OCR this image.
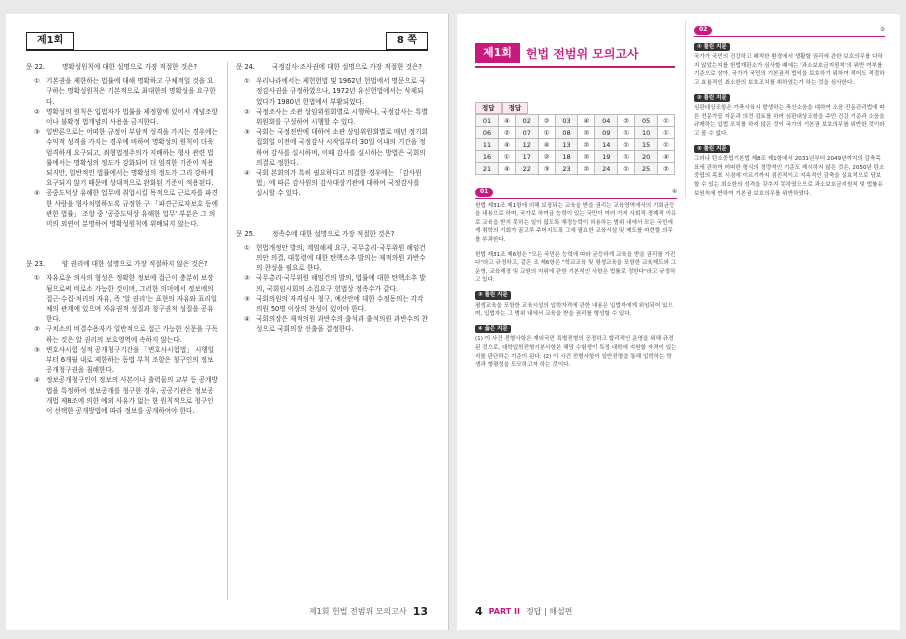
제1회	8 쪽
문 22.	명확성원칙에 대한 설명으로 가장 적절한 것은?
① 기본권을 제한하는 법률에 대해 명확하고 구체적일 것을 요구하는 명확성원칙은 기본적으로 최대한의 명확성을 요구한다.
② 명확성의 원칙은 입법자가 법률을 제정함에 있어서 개념조항이나 불확정 법개념의 사용을 금지한다.
③ 일반론으로는 어떠한 규정이 부담적 성격을 가지는 경우에는 수익적 성격을 가지는 경우에 비하여 명확성의 원칙이 더욱 엄격하게 요구되고, 죄형법정주의가 지배하는 형사 관련 법률에서는 명확성의 정도가 강화되어 더 엄격한 기준이 적용되지만, 일반적인 법률에서는 명확성의 정도가 그리 강하게 요구되지 않기 때문에 상대적으로 완화된 기준이 적용된다.
④ 공중도덕상 유해한 업무에 취업시킬 목적으로 근로자를 파견한 사람을 형사처벌하도록 규정한 구 「파견근로자보호 등에 관한 법률」 조항 중 '공중도덕상 유해한 업무' 부분은 그 의미의 외연이 분명하여 명확성원칙에 위배되지 않는다.
문 23.	양 권리에 대한 설명으로 가장 적절하지 않은 것은?
① 자유로운 의사의 형성은 정확한 정보에 접근이 충분히 보장됨으로써 비로소 가능한 것이며, 그러한 의미에서 정보에의 접근·수집·처리의 자유, 즉 '알 권리'는 표현의 자유와 표리일체의 관계에 있으며 자유권적 성질과 청구권적 성질을 공유한다.
② 구치소의 비결수용자가 일반적으로 접근 가능한 신문을 구독하는 것은 알 권리의 보호영역에 속하지 않는다.
③ 변호사시험 성적 공개청구기간을 「변호사시험법」 시행일부터 6개월 내로 제한하는 동법 부칙 조항은 청구인의 정보공개청구권을 침해한다.
④ 정보공개청구인이 정보의 사본이나 출력물의 교부 등 공개방법을 특정하여 정보공개를 청구한 경우, 공공기관은 정보공개법 제8조에 의한 예외 사유가 없는 한 원칙적으로 청구인이 선택한 공개방법에 따라 정보를 공개하여야 한다.
문 24.	국정감사·조사권에 대한 설명으로 가장 적절한 것은?
① 우리나라에서는 제헌헌법 및 1962년 헌법에서 명문으로 국정감사권을 규정하였으나, 1972년 유신헌법에서는 삭제되었다가 1980년 헌법에서 부활되었다.
② 국정조사는 소관 상임위원회별로 시행하나, 국정감사는 특별위원회를 구성하여 시행할 수 있다.
③ 국회는 국정전반에 대하여 소관 상임위원회별로 매년 정기회 집회일 이전에 국정감사 시작일부터 30일 이내의 기간을 정하여 감사를 실시하며, 이때 감사를 실시하는 방법은 국회의 의결로 정한다.
④ 국회 본회의가 특히 필요하다고 의결한 경우에는 「감사원법」에 따른 감사원의 감사대상기관에 대하여 국정감사를 실시할 수 있다.
문 25.	정족수에 대한 설명으로 가장 적절한 것은?
① 헌법개정안 발의, 계엄해제 요구, 국무총리·국무위원 해임건의안 의결, 대통령에 대한 탄핵소추 발의는 재적의원 과반수의 찬성을 필요로 한다.
② 국무총리·국무위원 해임건의 발의, 법률에 대한 탄핵소추 발의, 국회임시회의 소집요구 헌법상 정족수가 같다.
③ 국회의원의 자격심사 청구, 예산안에 대한 수정동의는 각각 의원 50명 이상의 찬성이 있어야 한다.
④ 국회의장은 재적의원 과반수의 출석과 출석의원 과반수의 찬성으로 국회의장 선출을 결정한다.
제1회 헌법 전범위 모의고사 13
제1회	헌법 전범위 모의고사
정답	정답
01	④	02	②	03	④	04	②	05	①
06	②	07	①	08	②	09	①	10	①
11	④	12	④	13	②	14	①	15	①
16	①	17	②	18	②	19	①	20	④
21	④	22	③	23	②	24	①	25	②
01	④
헌법 제31조 제1항에 의해 보장되는 교육을 받을 권리는 교육영역에서의 기회균등을 내용으로 하며, 국가로 하여금 능력이 있는 국민이 여러 가지 사회적·경제적 이유로 교육을 받지 못하는 일이 없도록 재정능력이 허용하는 범위 내에서 모든 국민에게 취학의 기회가 골고루 주어지도록 그에 필요한 교육시설 및 제도를 마련할 의무를 부과한다.
헌법 제31조 제6항은 "모든 국민은 능력에 따라 균등하게 교육을 받을 권리를 가진다"라고 규정하고, 같은 조 제6항은 "학교교육 및 평생교육을 포함한 교육제도와 그 운영, 교육재정 및 교원의 지위에 관한 기본적인 사항은 법률로 정한다"라고 규정하고 있다.
③ 틀린 지문
평생교육을 포함한 교육시설의 입학자격에 관한 내용은 입법자에게 위임되어 있으며, 입법자는 그 범위 내에서 교육을 받을 권리를 형성할 수 있다.
④ 옳은 지문
(1) 이 사건 전형사항은 재외국민 특별전형의 공정하고 합리적인 운영을 위해 규정된 것으로, 대학입학전형기본사항은 해당 수험생이 특정 대학에 지원할 자격이 있는지를 판단하는 기준이 된다. (2) 이 사건 전형사항이 일반전형을 통해 입학하는 학생과 형평성을 도모하고자 하는 것이다.
02	②
① 틀린 지문
국가가 국민의 건강하고 쾌적한 환경에서 생활할 권리에 관한 보호의무를 다하지 않았는지를 헌법재판소가 심사할 때에는 '과소보호금지원칙'의 위반 여부를 기준으로 삼아, 국가가 국민의 기본권적 법익을 보호하기 위하여 적어도 적절하고 효율적인 최소한의 보호조치를 취하였는가 하는 것을 심사한다.
② 틀린 지문
심판대상조항은 가축사육시 발생하는 축산소음을 대하여 소음·진동관리법에 따른 전문가들 자문과 의견 검토를 하여 심판대상조항을 주민 건강 기준과 소음을 규제하는 입법 조치를 하지 않은 것이 국가의 기본권 보호의무를 위반한 것이라고 볼 수 없다.
③ 틀린 지문
그러나 탄소중립기본법 제8조 제1항에서 2031년부터 2049년까지의 감축목표에 관하여 어떠한 형식의 정량적인 기준도 제시하지 않은 것은, 2050년 탄소중립의 목표 시점에 이르기까지 점진적이고 지속적인 감축을 실효적으로 담보할 수 있는 최소한의 성격을 갖추지 못하였으므로 과소보호금지원칙 및 법률유보원칙에 반하여 기본권 보호의무를 위반하였다.
4 PART II 정답 | 해설편
